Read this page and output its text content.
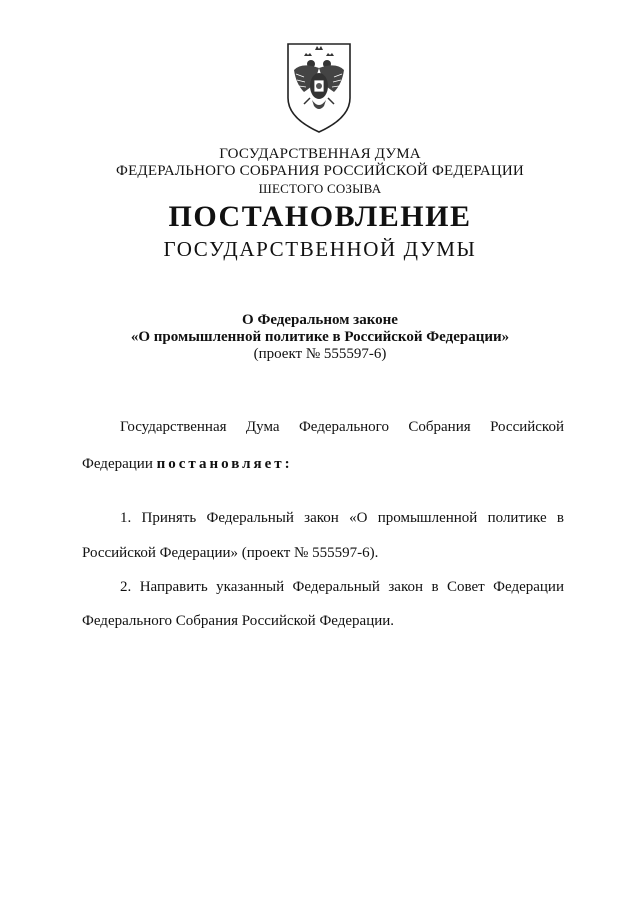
ГОСУДАРСТВЕННАЯ ДУМА
ФЕДЕРАЛЬНОГО СОБРАНИЯ РОССИЙСКОЙ ФЕДЕРАЦИИ
ШЕСТОГО СОЗЫВА
ПОСТАНОВЛЕНИЕ
ГОСУДАРСТВЕННОЙ ДУМЫ
О Федеральном законе
«О промышленной политике в Российской Федерации»
(проект № 555597-6)
Государственная Дума Федерального Собрания Российской
Федерации постановляет:
1. Принять Федеральный закон «О промышленной политике в
Российской Федерации» (проект № 555597-6).
2. Направить указанный Федеральный закон в Совет Федерации
Федерального Собрания Российской Федерации.
